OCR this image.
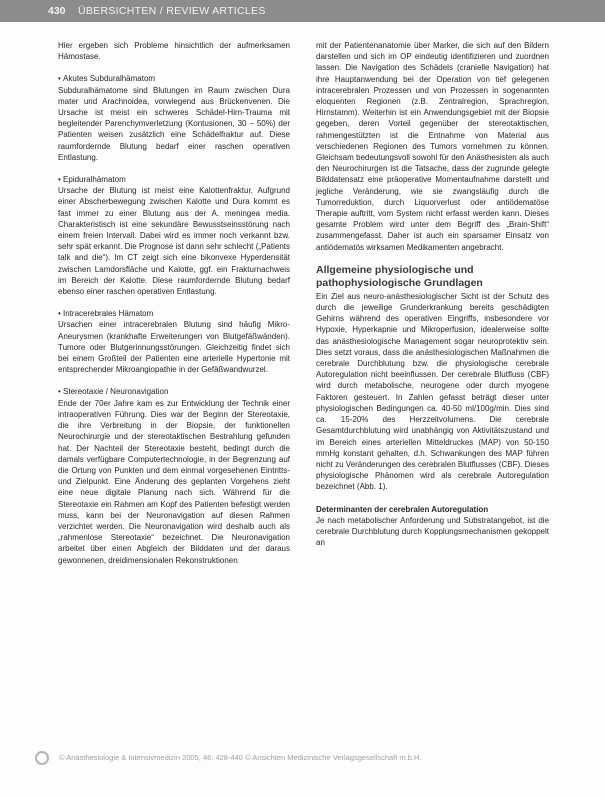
430 ÜBERSICHTEN / REVIEW ARTICLES

Hier ergeben sich Probleme hinsichtlich der aufmerksamen Hämostase.

• Akutes Subduralhämatom

Subduralhämatome sind Blutungen im Raum zwischen Dura mater und Arachnoidea, vorwiegend aus Brückenvenen. Die Ursache ist meist ein schweres Schädel-Hirn-Trauma mit begleitender Parenchymverletzung (Kontusionen, 30 – 50%) der Patienten weisen zusätzlich eine Schädelfraktur auf. Diese raumfordernde Blutung bedarf einer raschen operativen Entlastung.

• Epiduralhämatom

Ursache der Blutung ist meist eine Kalottenfraktur. Aufgrund einer Abscherbewegung zwischen Kalotte und Dura kommt es fast immer zu einer Blutung aus der A. meningea media. Charakteristisch ist eine sekundäre Bewusstseinsstörung nach einem freien Intervall. Dabei wird es immer noch verkannt bzw. sehr spät erkannt. Die Prognose ist dann sehr schlecht („Patients talk and die“). Im CT zeigt sich eine bikonvexe Hyperdensität zwischen Lamdorsfläche und Kalotte, ggf. ein Frakturnachweis im Bereich der Kalotte. Diese raumfordernde Blutung bedarf ebenso einer raschen operativen Entlastung.

• Intracerebrales Hämatom

Ursachen einer intracerebralen Blutung sind häufig Mikro-Aneurysmen (krankhafte Erweiterungen von Blutgefäßwänden). Tumore oder Blutgerinnungsstörungen. Gleichzeitig findet sich bei einem Großteil der Patienten eine arterielle Hypertonie mit entsprechender Mikroangiopathie in der Gefäßwandwurzel.

• Stereotaxie / Neuronavigation

Ende der 70er Jahre kam es zur Entwicklung der Technik einer intraoperativen Führung. Dies war der Beginn der Stereotaxie, die ihre Verbreitung in der Biopsie, der funktionellen Neurochirurgie und der stereotaktischen Bestrahlung gefunden hat. Der Nachteil der Stereotaxie besteht, bedingt durch die damals verfügbare Computertechnologie, in der Begrenzung auf die Ortung von Punkten und dem einmal vorgesehenen Eintritts- und Zielpunkt. Eine Änderung des geplanten Vorgehens zieht eine neue digitale Planung nach sich. Während für die Stereotaxie ein Rahmen am Kopf des Patienten befestigt werden muss, kann bei der Neuronavigation auf diesen Rahmen verzichtet werden. Die Neuronavigation wird deshalb auch als „rahmenlose Stereotaxie“ bezeichnet. Die Neuronavigation arbeitet über einen Abgleich der Bilddaten und der daraus gewonnenen, dreidimensionalen Rekonstruktionen

mit der Patientenanatomie über Marker, die sich auf den Bildern darstellen und sich im OP eindeutig identifizieren und zuordnen lassen. Die Navigation des Schädels (cranielle Navigation) hat ihre Hauptanwendung bei der Operation von tief gelegenen intracerebralen Prozessen und von Prozessen in sogenannten eloquenten Regionen (z.B. Zentralregion, Sprachregion, Hirnstamm). Weiterhin ist ein Anwendungsgebiet mit der Biopsie gegeben, deren Vorteil gegenüber der stereotaktischen, rahmengestützten ist die Entnahme von Material aus verschiedenen Regionen des Tumors vornehmen zu können. Gleichsam bedeutungsvoll sowohl für den Anästhesisten als auch den Neurochirurgen ist die Tatsache, dass der zugrunde gelegte Bilddatensatz eine präoperative Momentaufnahme darstellt und jegliche Veränderung, wie sie zwangsläufig durch die Tumorreduktion, durch Liquorverlust oder antiödematöse Therapie auftritt, vom System nicht erfasst werden kann. Dieses gesamte Problem wird unter dem Begriff des „Brain-Shift“ zusammengefasst. Daher ist auch ein sparsamer Einsatz von antiödematös wirksamen Medikamenten angebracht.

Allgemeine physiologische und pathophysiologische Grundlagen

Ein Ziel aus neuro-anästhesiologischer Sicht ist der Schutz des durch die jeweilige Grunderkrankung bereits geschädigten Gehirns während des operativen Eingriffs, insbesondere vor Hypoxie, Hyperkapnie und Mikroperfusion, idealerweise sollte das anästhesiologische Management sogar neuroprotektiv sein. Dies setzt voraus, dass die anästhesiologischen Maßnahmen die cerebrale Durchblutung bzw. die physiologische cerebrale Autoregulation nicht beeinflussen. Der cerebrale Blutfluss (CBF) wird durch metabolische, neurogene oder durch myogene Faktoren gesteuert. In Zahlen gefasst beträgt dieser unter physiologischen Bedingungen ca. 40-50 ml/100g/min. Dies sind ca. 15-20% des Herzzeitvolumens. Die cerebrale Gesamtdurchblutung wird unabhängig von Aktivitätszustand und im Bereich eines arteriellen Mitteldruckes (MAP) von 50-150 mmHg konstant gehalten, d.h. Schwankungen des MAP führen nicht zu Veränderungen des cerebralen Blutflusses (CBF). Dieses physiologische Phänomen wird als cerebrale Autoregulation bezeichnet (Abb. 1).

Determinanten der cerebralen Autoregulation

Je nach metabolischer Anforderung und Substratangebot, ist die cerebrale Durchblutung durch Kopplungsmechanismen gekoppelt an

© Anästhesiologie & Intensivmedizin 2005, 46: 428-440 © Ansichten Medizinische Verlagsgesellschaft m.b.H.
